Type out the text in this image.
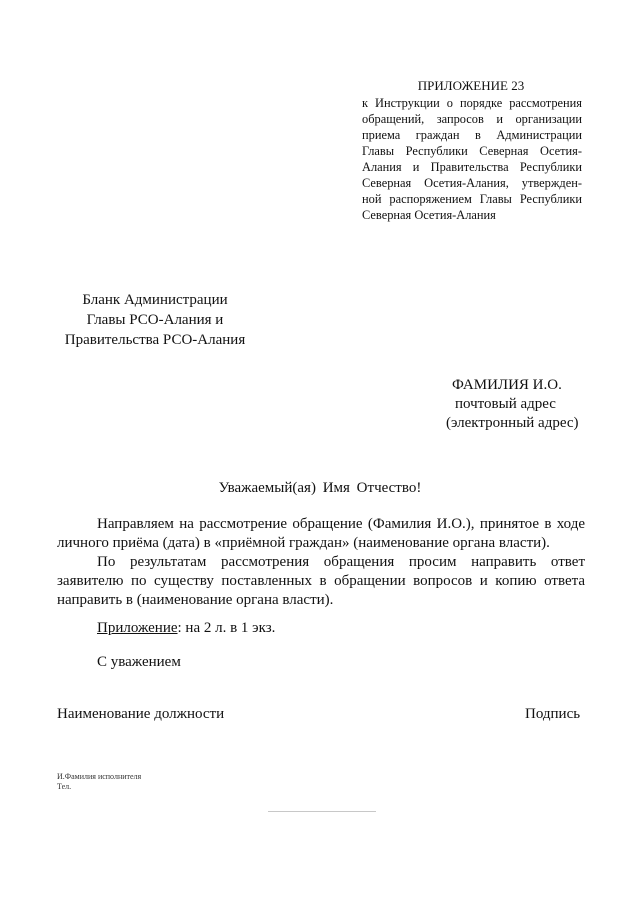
ПРИЛОЖЕНИЕ 23
к Инструкции о порядке рассмотрения
обращений, запросов и организации
приема граждан в Администрации
Главы Республики Северная Осетия-
Алания и Правительства Республики
Северная Осетия-Алания, утвержден-
ной распоряжением Главы Республики
Северная Осетия-Алания
Бланк Администрации
Главы РСО-Алания и
Правительства РСО-Алания
ФАМИЛИЯ И.О.
почтовый адрес
(электронный адрес)
Уважаемый(ая) Имя Отчество!
Направляем на рассмотрение обращение (Фамилия И.О.), принятое в ходе
личного приёма (дата) в «приёмной граждан» (наименование органа власти).
По результатам рассмотрения обращения просим направить ответ
заявителю по существу поставленных в обращении вопросов и копию ответа
направить в (наименование органа власти).
Приложение: на 2 л. в 1 экз.
С уважением
Наименование должности	Подпись
И.Фамилия исполнителя
Тел.
